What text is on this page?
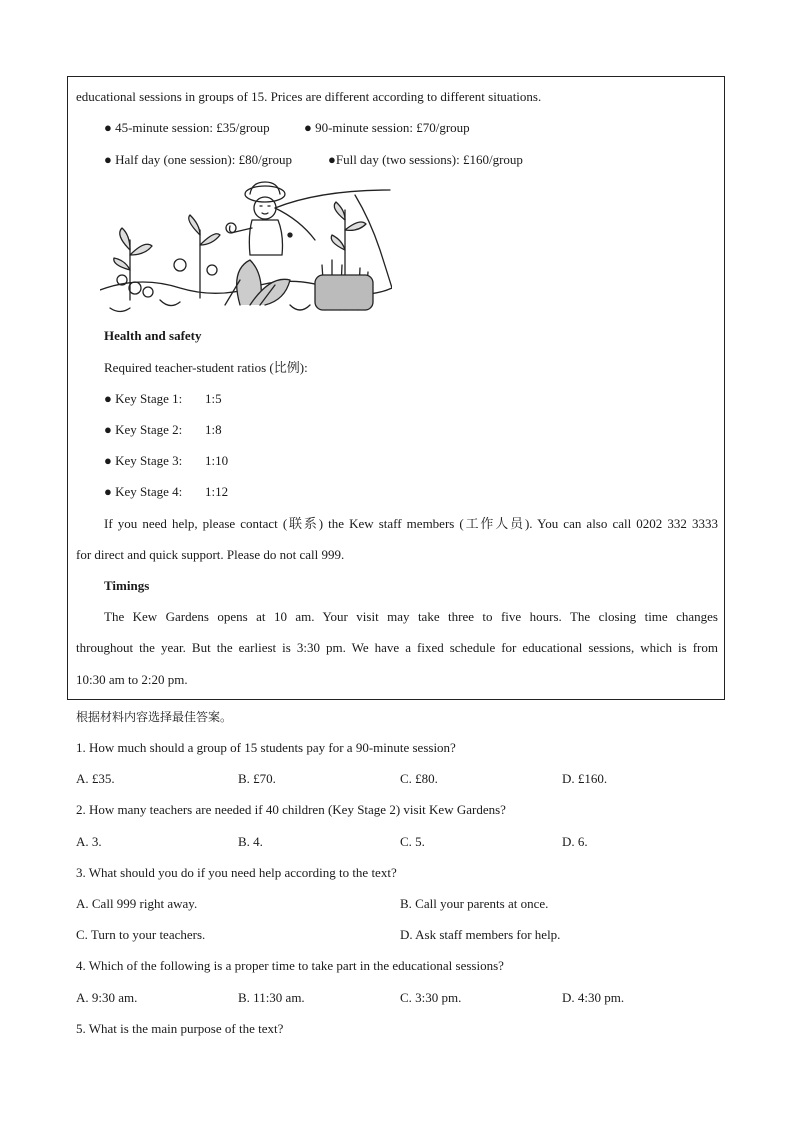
educational sessions in groups of 15. Prices are different according to different situations.
● 45-minute session: £35/group	● 90-minute session: £70/group
● Half day (one session): £80/group	●Full day (two sessions): £160/group
Health and safety
Required teacher-student ratios (比例):
● Key Stage 1: 1:5
● Key Stage 2: 1:8
● Key Stage 3: 1:10
● Key Stage 4: 1:12
If you need help, please contact (联系) the Kew staff members (工作人员). You can also call 0202 332 3333
for direct and quick support. Please do not call 999.
Timings
The Kew Gardens opens at 10 am. Your visit may take three to five hours. The closing time changes
throughout the year. But the earliest is 3:30 pm. We have a fixed schedule for educational sessions, which is from
10:30 am to 2:20 pm.
根据材料内容选择最佳答案。
1. How much should a group of 15 students pay for a 90-minute session?
A. £35.	B. £70.	C. £80.	D. £160.
2. How many teachers are needed if 40 children (Key Stage 2) visit Kew Gardens?
A. 3.	B. 4.	C. 5.	D. 6.
3. What should you do if you need help according to the text?
A. Call 999 right away.	B. Call your parents at once.
C. Turn to your teachers.	D. Ask staff members for help.
4. Which of the following is a proper time to take part in the educational sessions?
A. 9:30 am.	B. 11:30 am.	C. 3:30 pm.	D. 4:30 pm.
5. What is the main purpose of the text?
